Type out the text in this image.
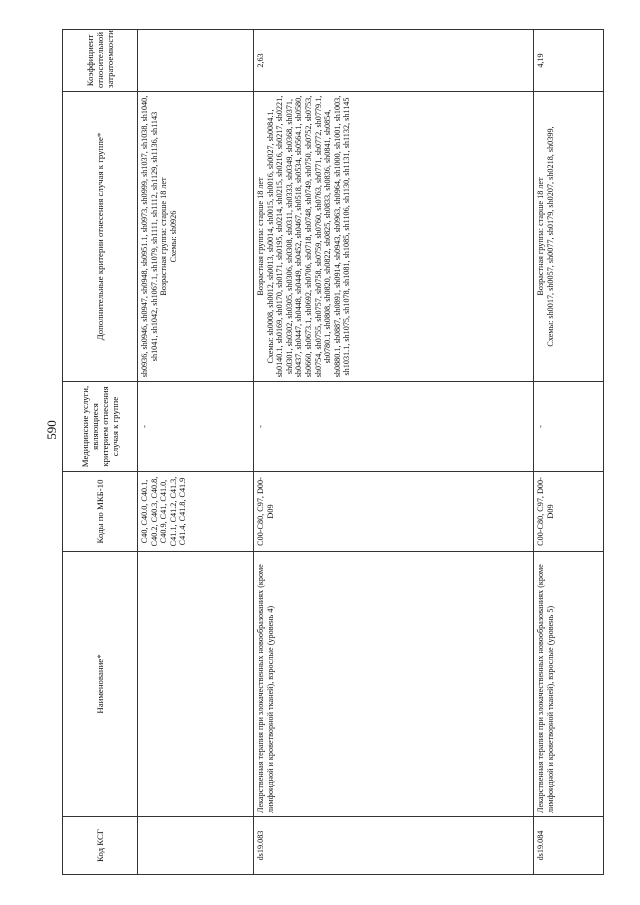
590
Код КСГ	Наименование*	Коды по МКБ-10	Медицинские услуги, являющиеся критерием отнесения случая к группе	Дополнительные критерии отнесения случая к группе*	Коэффициент относительной затратоемкости
		C40, C40.0, C40.1, C40.2, C40.3, C40.8, C40.9, C41, C41.0, C41.1, C41.2, C41.3, C41.4, C41.8, C41.9	-	sh0936, sh0946, sh0947, sh0948, sh0951.1, sh0973, sh0999, sh1037, sh1038, sh1040, sh1041, sh1042, sh1067.1, sh1079, sh1111, sh1112, sh1129, sh1136, sh1143 Возрастная группа: старше 18 лет Схемы: sh0926	

ds19.083	Лекарственная терапия при злокачественных новообразованиях (кроме лимфоидной и кроветворной тканей), взрослые (уровень 4)	C00-C80, C97, D00-D09	-	Возрастная группа: старше 18 лет Схемы: sh0008, sh0012, sh0013, sh0014, sh0015, sh0016, sh0027, sh0084.1, sh0140.1, sh0169, sh0170, sh0171, sh0195, sh0214, sh0215, sh0216, sh0217, sh0221, sh0301, sh0302, sh0305, sh0306, sh0308, sh0311, sh0333, sh0349, sh0368, sh0371, sh0437, sh0447, sh0448, sh0449, sh0452, sh0467, sh0518, sh0534, sh0564.1, sh0580, sh0660, sh0673.1, sh0692, sh0706, sh0718, sh0748, sh0749, sh0750, sh0752, sh0753, sh0754, sh0755, sh0757, sh0758, sh0759, sh0760, sh0763, sh0771, sh0772, sh0779.1, sh0780.1, sh0808, sh0820, sh0822, sh0825, sh0833, sh0836, sh0841, sh0854, sh0880.1, sh0887, sh0891, sh0914, sh0943, sh0963, sh0964, sh1000, sh1001, sh1003, sh1031.1, sh1075, sh1078, sh1081, sh1085, sh1106, sh1130, sh1131, sh1132, sh1145	2,63
ds19.084	Лекарственная терапия при злокачественных новообразованиях (кроме лимфоидной и кроветворной тканей), взрослые (уровень 5)	C00-C80, C97, D00-D09	-	Возрастная группа: старше 18 лет Схемы: sh0017, sh0057, sh0077, sh0179, sh0207, sh0218, sh0399,	4,19
